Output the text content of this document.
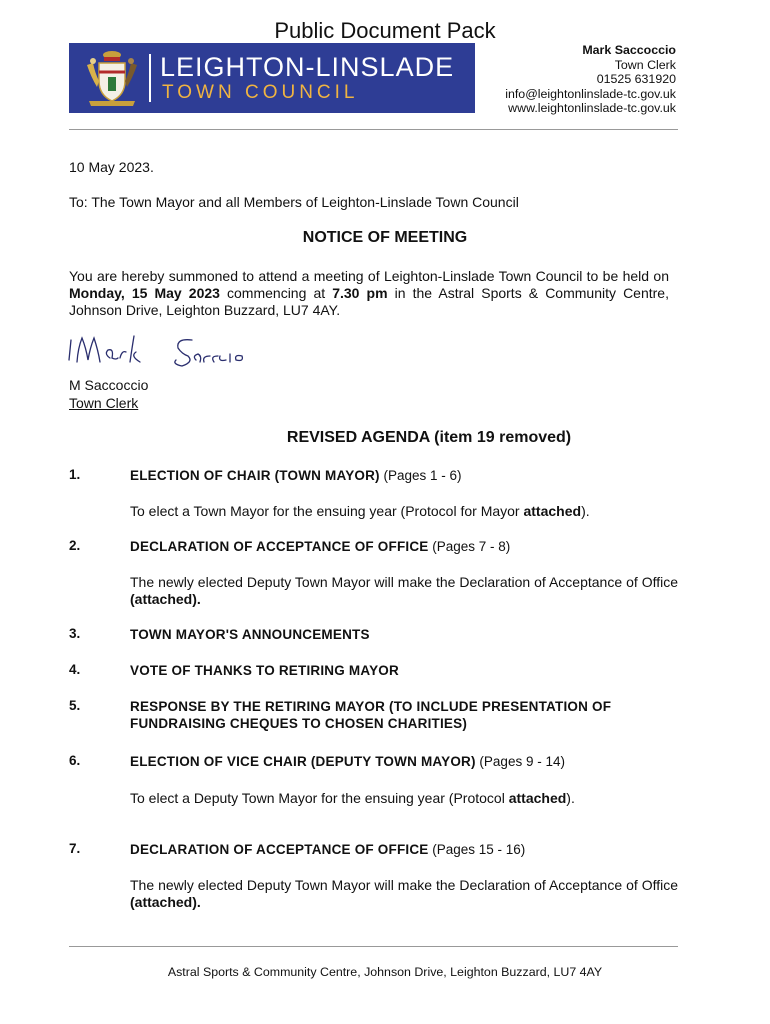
Public Document Pack
LEIGHTON-LINSLADE
TOWN COUNCIL
Mark Saccoccio
Town Clerk
01525 631920
info@leightonlinslade-tc.gov.uk
www.leightonlinslade-tc.gov.uk
10 May 2023.
To: The Town Mayor and all Members of Leighton-Linslade Town Council
NOTICE OF MEETING

You are hereby summoned to attend a meeting of Leighton-Linslade Town Council to be held on Monday, 15 May 2023 commencing at 7.30 pm in the Astral Sports & Community Centre, Johnson Drive, Leighton Buzzard, LU7 4AY.

M Saccoccio
Town Clerk
REVISED AGENDA (item 19 removed)
1.	ELECTION OF CHAIR (TOWN MAYOR) (Pages 1 - 6)
To elect a Town Mayor for the ensuing year (Protocol for Mayor attached).
2.	DECLARATION OF ACCEPTANCE OF OFFICE (Pages 7 - 8)
The newly elected Deputy Town Mayor will make the Declaration of Acceptance of Office (attached).
3.	TOWN MAYOR'S ANNOUNCEMENTS
4.	VOTE OF THANKS TO RETIRING MAYOR
5.	RESPONSE BY THE RETIRING MAYOR (TO INCLUDE PRESENTATION OF FUNDRAISING CHEQUES TO CHOSEN CHARITIES)
6.	ELECTION OF VICE CHAIR (DEPUTY TOWN MAYOR) (Pages 9 - 14)
To elect a Deputy Town Mayor for the ensuing year (Protocol attached).
7.	DECLARATION OF ACCEPTANCE OF OFFICE (Pages 15 - 16)
The newly elected Deputy Town Mayor will make the Declaration of Acceptance of Office (attached).
Astral Sports & Community Centre, Johnson Drive, Leighton Buzzard, LU7 4AY
